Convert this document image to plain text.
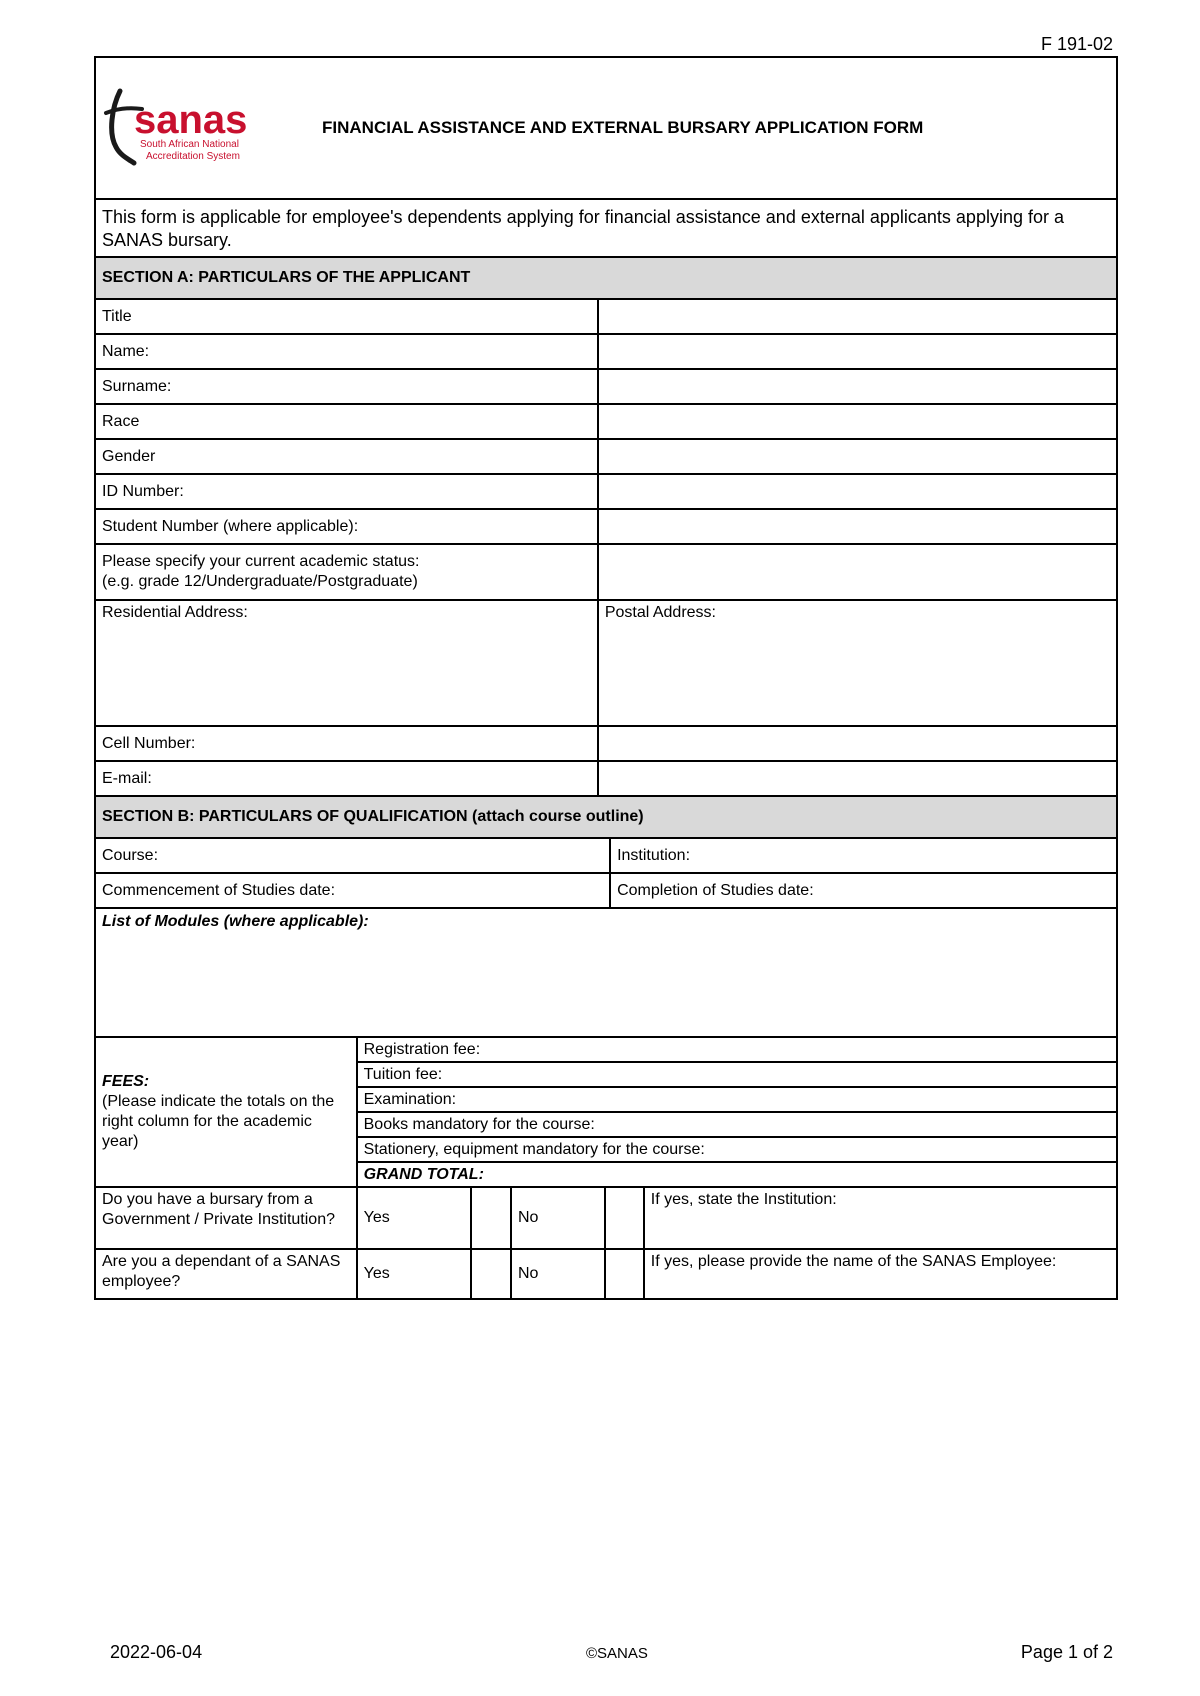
F 191-02
sanas
South African National
Accreditation System
FINANCIAL ASSISTANCE AND EXTERNAL BURSARY APPLICATION FORM	

This form is applicable for employee's dependents applying for financial assistance and external applicants applying for a SANAS bursary.	
SECTION A: PARTICULARS OF THE APPLICANT	
Title	
Name:	
Surname:	
Race	
Gender	
ID Number:	
Student Number (where applicable):	

Please specify your current academic status:
(e.g. grade 12/Undergraduate/Postgraduate)	

Residential Address:	Postal Address:

Cell Number:	
E-mail:	
SECTION B: PARTICULARS OF QUALIFICATION (attach course outline)	
Course:	Institution:
Commencement of Studies date:	Completion of Studies date:
List of Modules (where applicable):	
FEES:
(Please indicate the totals on the right column for the academic year)
	Registration fee:
Tuition fee:
Examination:
Books mandatory for the course:
Stationery, equipment mandatory for the course:
GRAND TOTAL:
Do you have a bursary from a Government / Private Institution?	Yes		No		If yes, state the Institution:
Are you a dependant of a SANAS employee?	Yes		No		If yes, please provide the name of the SANAS Employee:
2022-06-04	©SANAS	Page 1 of 2
